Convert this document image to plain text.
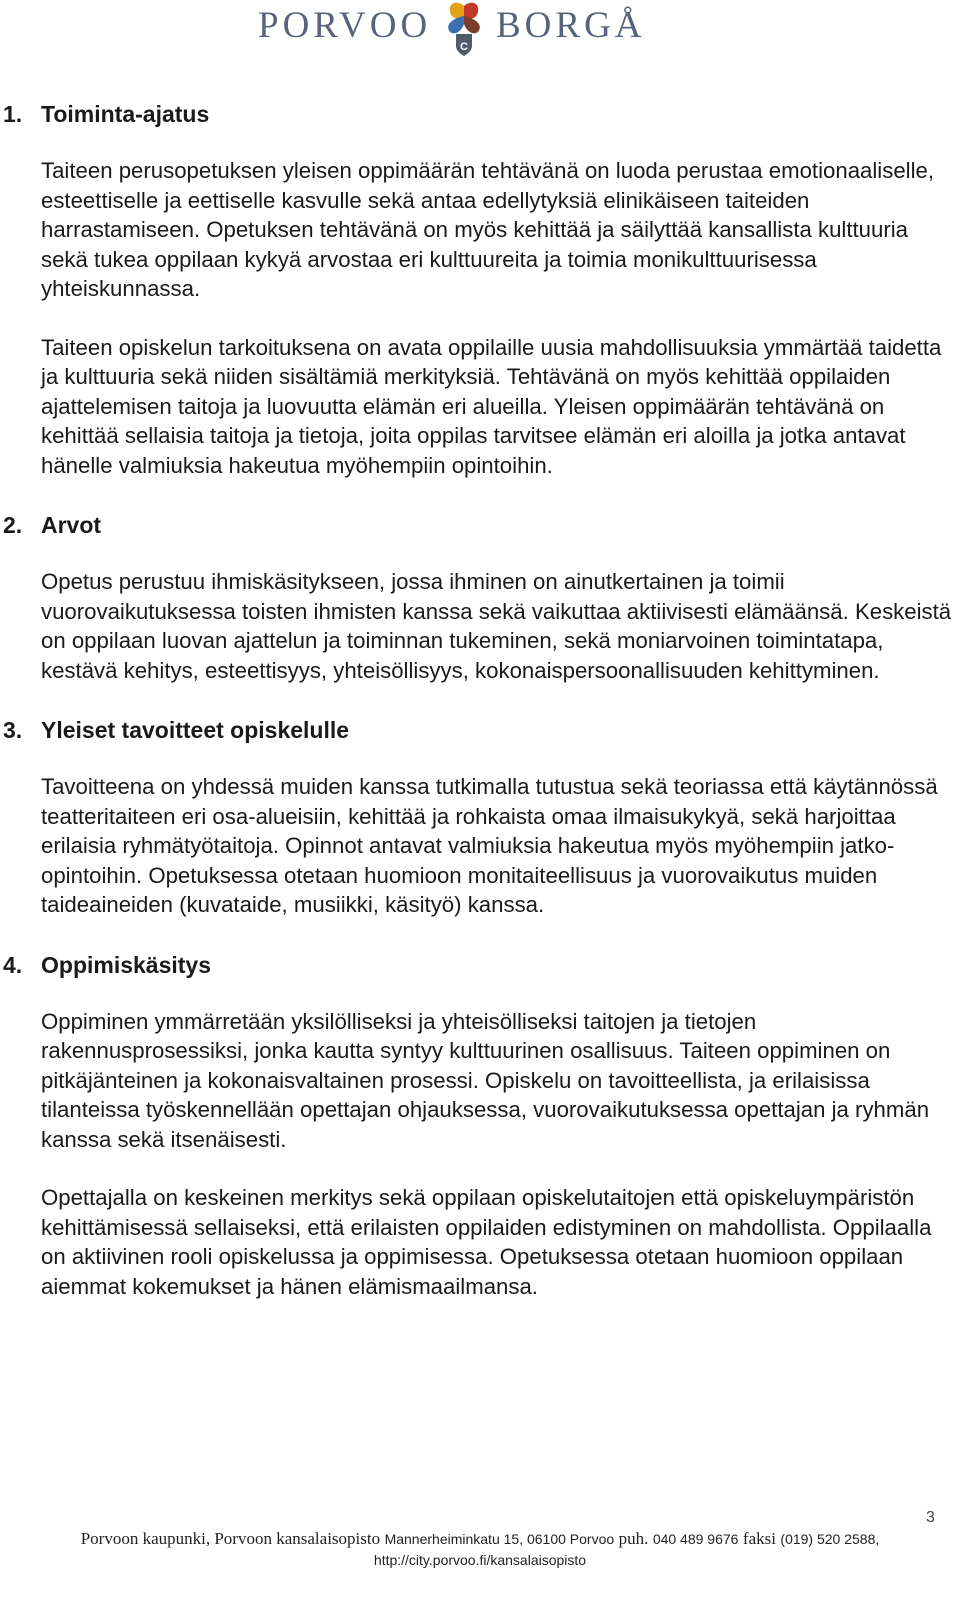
PORVOO
C
BORGÅ
1. Toiminta-ajatus

Taiteen perusopetuksen yleisen oppimäärän tehtävänä on luoda perustaa emotionaaliselle, esteettiselle ja eettiselle kasvulle sekä antaa edellytyksiä elinikäiseen taiteiden harrastamiseen. Opetuksen tehtävänä on myös kehittää ja säilyttää kansallista kulttuuria sekä tukea oppilaan kykyä arvostaa eri kulttuureita ja toimia monikulttuurisessa yhteiskunnassa.

Taiteen opiskelun tarkoituksena on avata oppilaille uusia mahdollisuuksia ymmärtää taidetta ja kulttuuria sekä niiden sisältämiä merkityksiä. Tehtävänä on myös kehittää oppilaiden ajattelemisen taitoja ja luovuutta elämän eri alueilla. Yleisen oppimäärän tehtävänä on kehittää sellaisia taitoja ja tietoja, joita oppilas tarvitsee elämän eri aloilla ja jotka antavat hänelle valmiuksia hakeutua myöhempiin opintoihin.

2. Arvot

Opetus perustuu ihmiskäsitykseen, jossa ihminen on ainutkertainen ja toimii vuorovaikutuksessa toisten ihmisten kanssa sekä vaikuttaa aktiivisesti elämäänsä. Keskeistä on oppilaan luovan ajattelun ja toiminnan tukeminen, sekä moniarvoinen toimintatapa, kestävä kehitys, esteettisyys, yhteisöllisyys, kokonaispersoonallisuuden kehittyminen.

3. Yleiset tavoitteet opiskelulle

Tavoitteena on yhdessä muiden kanssa tutkimalla tutustua sekä teoriassa että käytännössä teatteritaiteen eri osa-alueisiin, kehittää ja rohkaista omaa ilmaisukykyä, sekä harjoittaa erilaisia ryhmätyötaitoja. Opinnot antavat valmiuksia hakeutua myös myöhempiin jatko-opintoihin. Opetuksessa otetaan huomioon monitaiteellisuus ja vuorovaikutus muiden taideaineiden (kuvataide, musiikki, käsityö) kanssa.

4. Oppimiskäsitys

Oppiminen ymmärretään yksilölliseksi ja yhteisölliseksi taitojen ja tietojen rakennusprosessiksi, jonka kautta syntyy kulttuurinen osallisuus. Taiteen oppiminen on pitkäjänteinen ja kokonaisvaltainen prosessi. Opiskelu on tavoitteellista, ja erilaisissa tilanteissa työskennellään opettajan ohjauksessa, vuorovaikutuksessa opettajan ja ryhmän kanssa sekä itsenäisesti.

Opettajalla on keskeinen merkitys sekä oppilaan opiskelutaitojen että opiskeluympäristön kehittämisessä sellaiseksi, että erilaisten oppilaiden edistyminen on mahdollista. Oppilaalla on aktiivinen rooli opiskelussa ja oppimisessa. Opetuksessa otetaan huomioon oppilaan aiemmat kokemukset ja hänen elämismaailmansa.

3
Porvoon kaupunki, Porvoon kansalaisopisto Mannerheiminkatu 15, 06100 Porvoo puh. 040 489 9676 faksi (019) 520 2588,
http://city.porvoo.fi/kansalaisopisto
